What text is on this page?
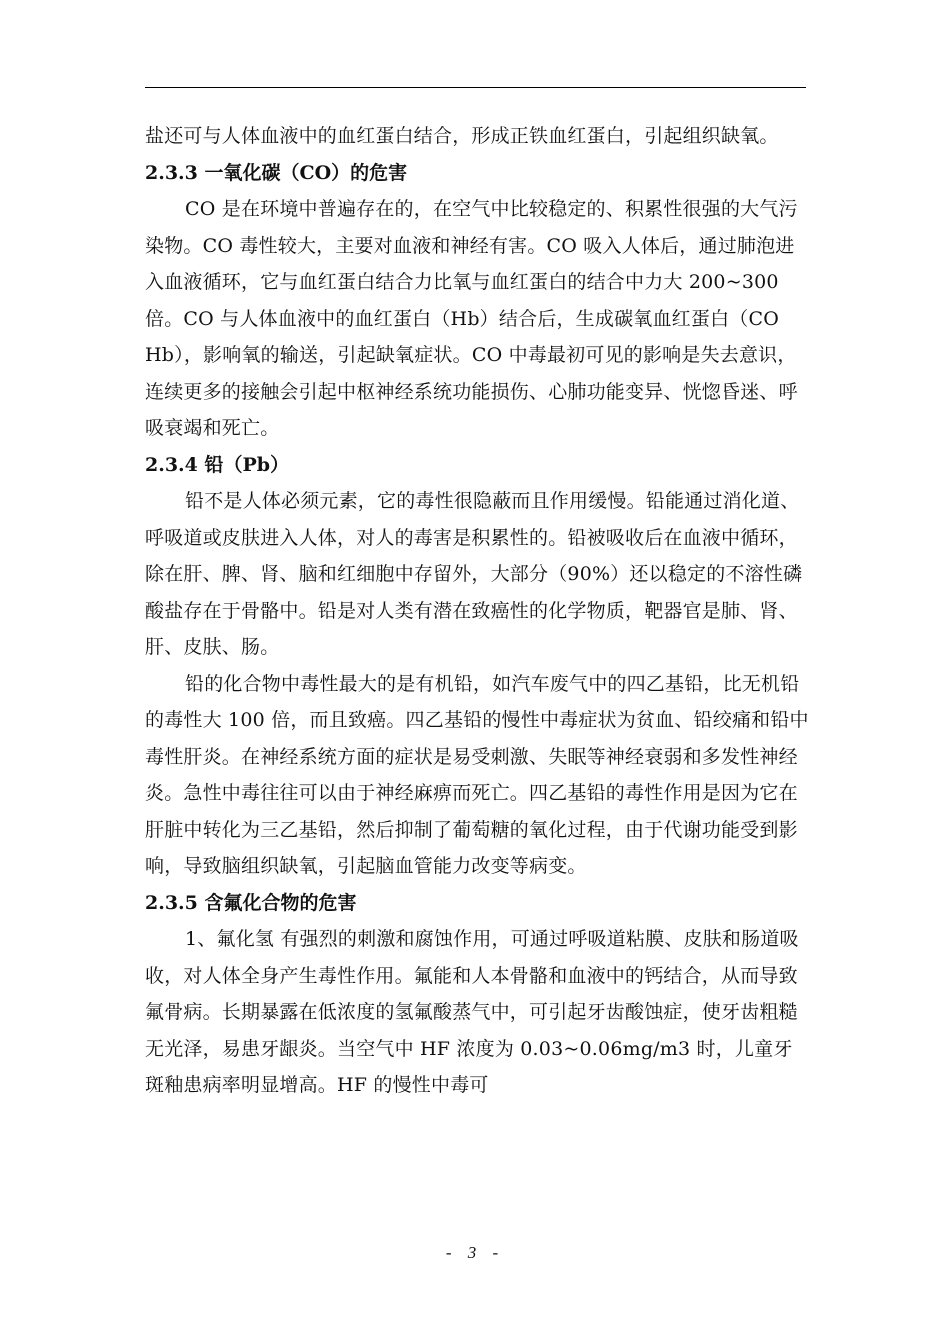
盐还可与人体血液中的血红蛋白结合，形成正铁血红蛋白，引起组织缺氧。

2.3.3 一氧化碳（CO）的危害

CO 是在环境中普遍存在的，在空气中比较稳定的、积累性很强的大气污染物。CO 毒性较大，主要对血液和神经有害。CO 吸入人体后，通过肺泡进入血液循环，它与血红蛋白结合力比氧与血红蛋白的结合中力大 200~300 倍。CO 与人体血液中的血红蛋白（Hb）结合后，生成碳氧血红蛋白（CO Hb），影响氧的输送，引起缺氧症状。CO 中毒最初可见的影响是失去意识，连续更多的接触会引起中枢神经系统功能损伤、心肺功能变异、恍惚昏迷、呼吸衰竭和死亡。

2.3.4 铅（Pb）

铅不是人体必须元素，它的毒性很隐蔽而且作用缓慢。铅能通过消化道、呼吸道或皮肤进入人体，对人的毒害是积累性的。铅被吸收后在血液中循环，除在肝、脾、肾、脑和红细胞中存留外，大部分（90%）还以稳定的不溶性磷酸盐存在于骨骼中。铅是对人类有潜在致癌性的化学物质，靶器官是肺、肾、肝、皮肤、肠。

铅的化合物中毒性最大的是有机铅，如汽车废气中的四乙基铅，比无机铅的毒性大 100 倍，而且致癌。四乙基铅的慢性中毒症状为贫血、铅绞痛和铅中毒性肝炎。在神经系统方面的症状是易受刺激、失眠等神经衰弱和多发性神经炎。急性中毒往往可以由于神经麻痹而死亡。四乙基铅的毒性作用是因为它在肝脏中转化为三乙基铅，然后抑制了葡萄糖的氧化过程，由于代谢功能受到影响，导致脑组织缺氧，引起脑血管能力改变等病变。

2.3.5 含氟化合物的危害

1、氟化氢 有强烈的刺激和腐蚀作用，可通过呼吸道粘膜、皮肤和肠道吸收，对人体全身产生毒性作用。氟能和人本骨骼和血液中的钙结合，从而导致氟骨病。长期暴露在低浓度的氢氟酸蒸气中，可引起牙齿酸蚀症，使牙齿粗糙无光泽，易患牙龈炎。当空气中 HF 浓度为 0.03~0.06mg/m3 时，儿童牙斑釉患病率明显增高。HF 的慢性中毒可

- 3 -
